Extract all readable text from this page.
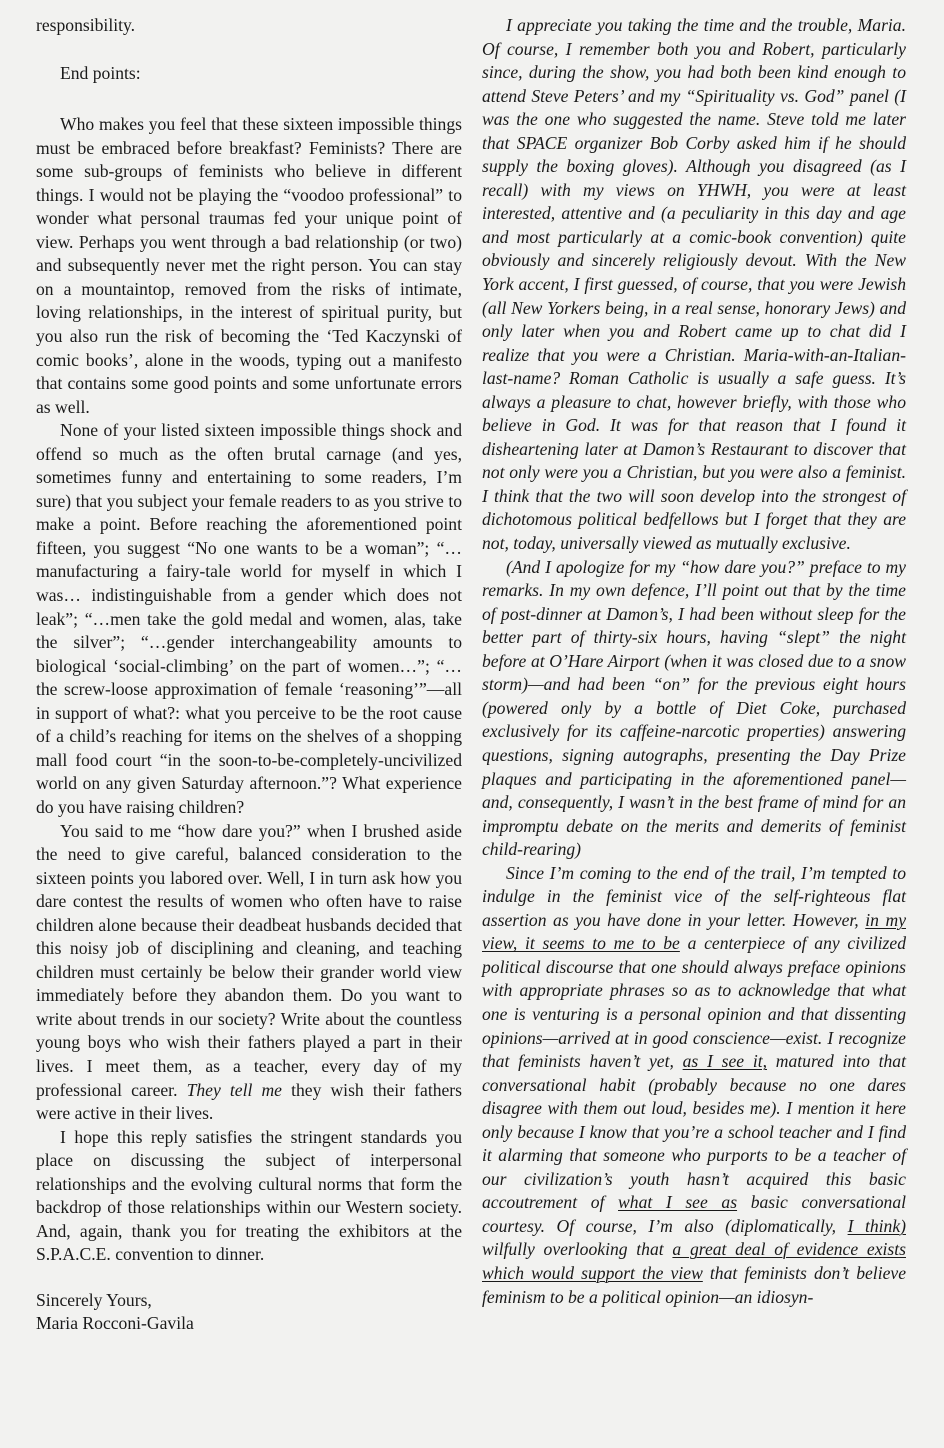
responsibility.

End points:

Who makes you feel that these sixteen impossible things must be embraced before breakfast? Feminists? There are some sub-groups of feminists who believe in different things. I would not be playing the “voodoo professional” to wonder what personal traumas fed your unique point of view. Perhaps you went through a bad relationship (or two) and subsequently never met the right person. You can stay on a mountaintop, removed from the risks of intimate, loving relationships, in the interest of spiritual purity, but you also run the risk of becoming the ‘Ted Kaczynski of comic books’, alone in the woods, typing out a manifesto that contains some good points and some unfortunate errors as well.

None of your listed sixteen impossible things shock and offend so much as the often brutal carnage (and yes, sometimes funny and entertaining to some readers, I’m sure) that you subject your female readers to as you strive to make a point. Before reaching the aforementioned point fifteen, you suggest “No one wants to be a woman”; “…manufacturing a fairy-tale world for myself in which I was… indistinguishable from a gender which does not leak”; “…men take the gold medal and women, alas, take the silver”; “…gender interchangeability amounts to biological ‘social-climbing’ on the part of women…”; “…the screw-loose approximation of female ‘reasoning’”—all in support of what?: what you perceive to be the root cause of a child’s reaching for items on the shelves of a shopping mall food court “in the soon-to-be-completely-uncivilized world on any given Saturday afternoon.”? What experience do you have raising children?

You said to me “how dare you?” when I brushed aside the need to give careful, balanced consideration to the sixteen points you labored over. Well, I in turn ask how you dare contest the results of women who often have to raise children alone because their deadbeat husbands decided that this noisy job of disciplining and cleaning, and teaching children must certainly be below their grander world view immediately before they abandon them. Do you want to write about trends in our society? Write about the countless young boys who wish their fathers played a part in their lives. I meet them, as a teacher, every day of my professional career. They tell me they wish their fathers were active in their lives.

I hope this reply satisfies the stringent standards you place on discussing the subject of interpersonal relationships and the evolving cultural norms that form the backdrop of those relationships within our Western society. And, again, thank you for treating the exhibitors at the S.P.A.C.E. convention to dinner.

Sincerely Yours,

Maria Rocconi-Gavila

I appreciate you taking the time and the trouble, Maria. Of course, I remember both you and Robert, particularly since, during the show, you had both been kind enough to attend Steve Peters’ and my “Spirituality vs. God” panel (I was the one who suggested the name. Steve told me later that SPACE organizer Bob Corby asked him if he should supply the boxing gloves). Although you disagreed (as I recall) with my views on YHWH, you were at least interested, attentive and (a peculiarity in this day and age and most particularly at a comic-book convention) quite obviously and sincerely religiously devout. With the New York accent, I first guessed, of course, that you were Jewish (all New Yorkers being, in a real sense, honorary Jews) and only later when you and Robert came up to chat did I realize that you were a Christian. Maria-with-an-Italian-last-name? Roman Catholic is usually a safe guess. It’s always a pleasure to chat, however briefly, with those who believe in God. It was for that reason that I found it disheartening later at Damon’s Restaurant to discover that not only were you a Christian, but you were also a feminist. I think that the two will soon develop into the strongest of dichotomous political bedfellows but I forget that they are not, today, universally viewed as mutually exclusive.

(And I apologize for my “how dare you?” preface to my remarks. In my own defence, I’ll point out that by the time of post-dinner at Damon’s, I had been without sleep for the better part of thirty-six hours, having “slept” the night before at O’Hare Airport (when it was closed due to a snow storm)—and had been “on” for the previous eight hours (powered only by a bottle of Diet Coke, purchased exclusively for its caffeine-narcotic properties) answering questions, signing autographs, presenting the Day Prize plaques and participating in the aforementioned panel—and, consequently, I wasn’t in the best frame of mind for an impromptu debate on the merits and demerits of feminist child-rearing)

Since I’m coming to the end of the trail, I’m tempted to indulge in the feminist vice of the self-righteous flat assertion as you have done in your letter. However, in my view, it seems to me to be a centerpiece of any civilized political discourse that one should always preface opinions with appropriate phrases so as to acknowledge that what one is venturing is a personal opinion and that dissenting opinions—arrived at in good conscience—exist. I recognize that feminists haven’t yet, as I see it, matured into that conversational habit (probably because no one dares disagree with them out loud, besides me). I mention it here only because I know that you’re a school teacher and I find it alarming that someone who purports to be a teacher of our civilization’s youth hasn’t acquired this basic accoutrement of what I see as basic conversational courtesy. Of course, I’m also (diplomatically, I think) wilfully overlooking that a great deal of evidence exists which would support the view that feminists don’t believe feminism to be a political opinion—an idiosyn-
